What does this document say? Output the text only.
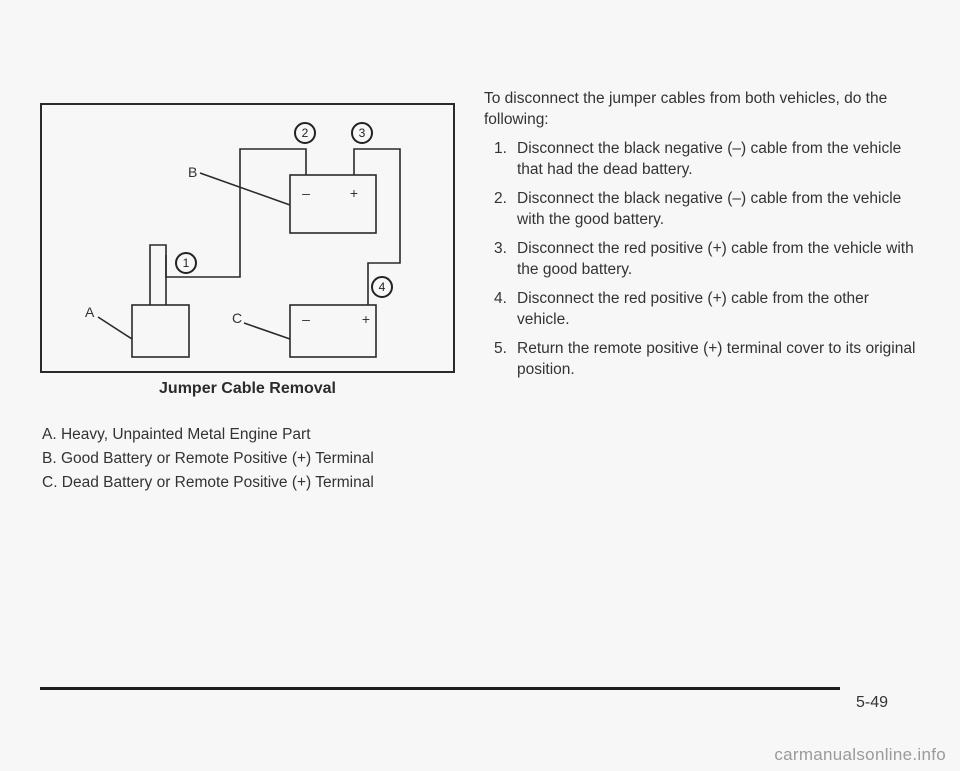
–	+
–	+
A
B
C
1
2	3
4
Jumper Cable Removal
A. Heavy, Unpainted Metal Engine Part
B. Good Battery or Remote Positive (+) Terminal
C. Dead Battery or Remote Positive (+) Terminal

To disconnect the jumper cables from both vehicles, do the following:

1. Disconnect the black negative (–) cable from the vehicle that had the dead battery.
2. Disconnect the black negative (–) cable from the vehicle with the good battery.
3. Disconnect the red positive (+) cable from the vehicle with the good battery.
4. Disconnect the red positive (+) cable from the other vehicle.
5. Return the remote positive (+) terminal cover to its original position.
5-49
carmanualsonline.info
